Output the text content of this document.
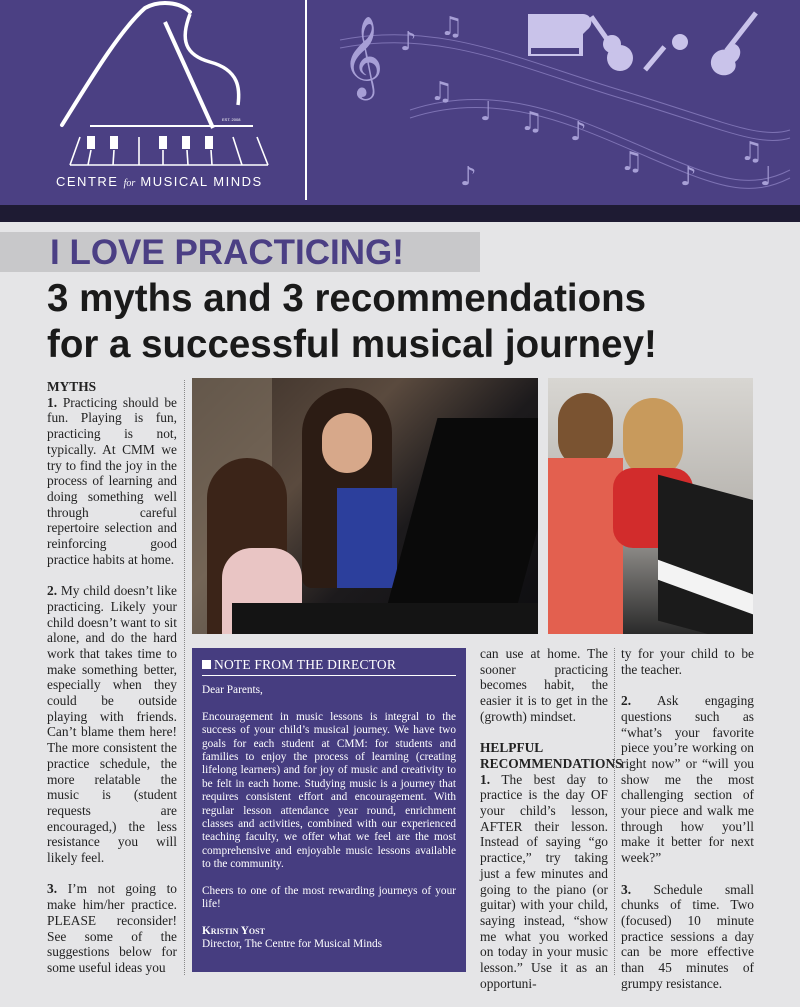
EST. 2008
CENTRE for MUSICAL MINDS
𝄞 ♪ ♫
♫
♩ ♫ ♪
♪	♫ ♪
♫
♩
I LOVE PRACTICING!
3 myths and 3 recommendations
for a successful musical journey!
MYTHS

1. Practicing should be fun. Playing is fun, practicing is not, typically. At CMM we try to find the joy in the process of learning and doing something well through careful repertoire selection and reinforcing good practice habits at home.

2. My child doesn’t like practicing. Likely your child doesn’t want to sit alone, and do the hard work that takes time to make something better, especially when they could be outside playing with friends. Can’t blame them here! The more consistent the practice schedule, the more relatable the music is (student requests are encouraged,) the less resistance you will likely feel.

3. I’m not going to make him/her practice. PLEASE reconsider! See some of the suggestions below for some useful ideas you

NOTE FROM THE DIRECTOR

Dear Parents,

Encouragement in music lessons is integral to the success of your child’s musical journey. We have two goals for each student at CMM: for students and families to enjoy the process of learning (creating lifelong learners) and for joy of music and creativity to be felt in each home. Studying music is a journey that requires consistent effort and encouragement. With regular lesson attendance year round, enrichment classes and activities, combined with our experienced teaching faculty, we offer what we feel are the most comprehensive and enjoyable music lessons available to the community.

Cheers to one of the most rewarding journeys of your life!

Kristin Yost
Director, The Centre for Musical Minds

can use at home. The sooner practicing becomes habit, the easier it is to get in the (growth) mindset.

HELPFUL
RECOMMENDATIONS
1. The best day to practice is the day OF your child’s lesson, AFTER their lesson. Instead of saying “go practice,” try taking just a few minutes and going to the piano (or guitar) with your child, saying instead, “show me what you worked on today in your music lesson.” Use it as an opportuni-

ty for your child to be the teacher.

2. Ask engaging questions such as “what’s your favorite piece you’re working on right now” or “will you show me the most challenging section of your piece and walk me through how you’ll make it better for next week?”

3. Schedule small chunks of time. Two (focused) 10 minute practice sessions a day can be more effective than 45 minutes of grumpy resistance.
